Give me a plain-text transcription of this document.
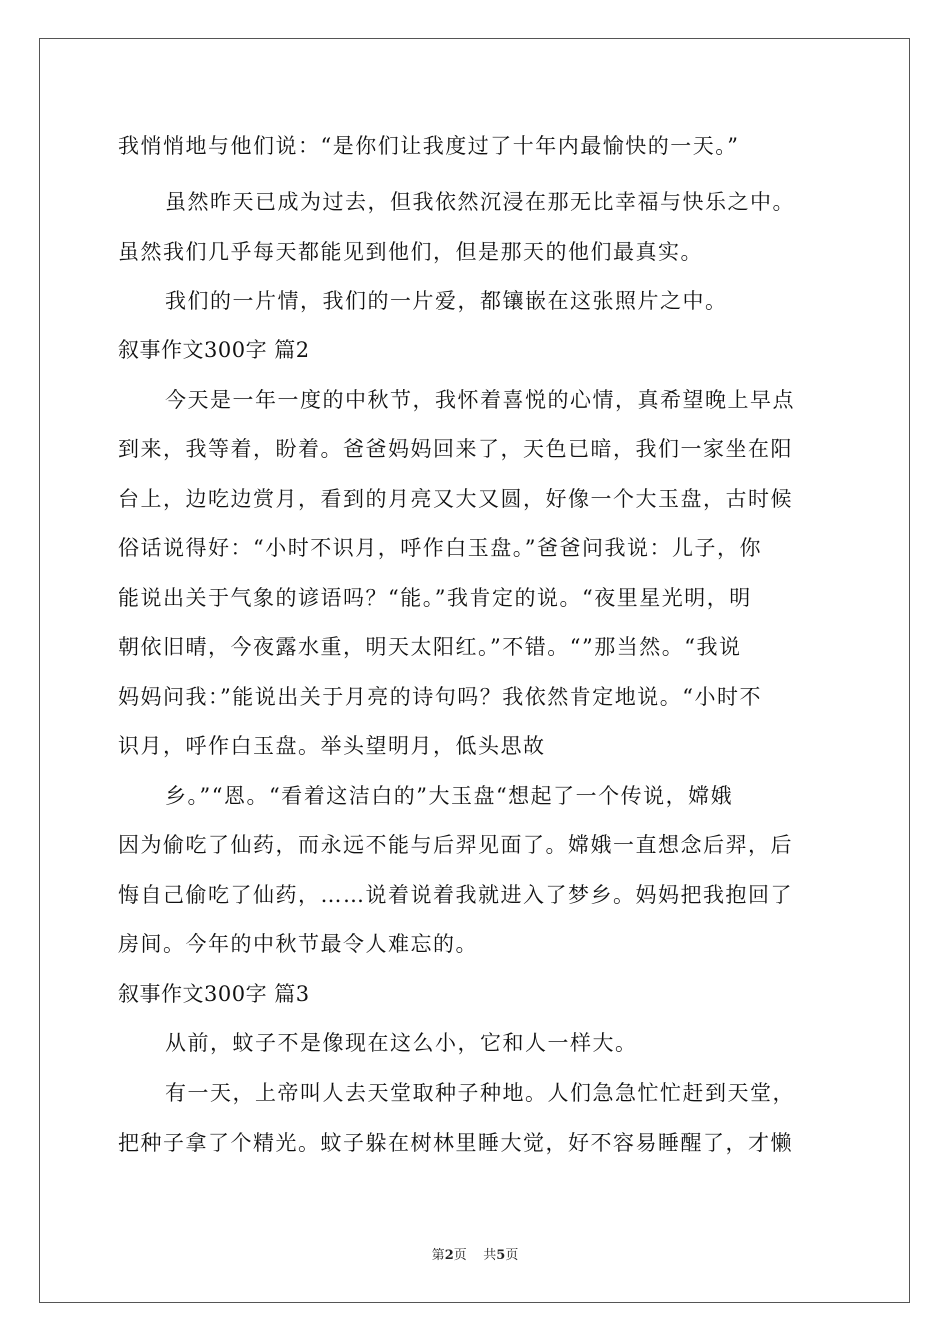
我悄悄地与他们说：“是你们让我度过了十年内最愉快的一天。”
虽然昨天已成为过去，但我依然沉浸在那无比幸福与快乐之中。
虽然我们几乎每天都能见到他们，但是那天的他们最真实。
我们的一片情，我们的一片爱，都镶嵌在这张照片之中。
叙事作文300字 篇2
今天是一年一度的中秋节，我怀着喜悦的心情，真希望晚上早点
到来，我等着，盼着。爸爸妈妈回来了，天色已暗，我们一家坐在阳
台上，边吃边赏月，看到的月亮又大又圆，好像一个大玉盘，古时候
俗话说得好：“小时不识月，呼作白玉盘。”爸爸问我说：儿子，你
能说出关于气象的谚语吗？“能。”我肯定的说。“夜里星光明，明
朝依旧晴，今夜露水重，明天太阳红。”不错。“”那当然。“我说
妈妈问我：”能说出关于月亮的诗句吗？我依然肯定地说。“小时不
识月，呼作白玉盘。举头望明月，低头思故
乡。”“恩。“看着这洁白的”大玉盘“想起了一个传说，嫦娥
因为偷吃了仙药，而永远不能与后羿见面了。嫦娥一直想念后羿，后
悔自己偷吃了仙药，……说着说着我就进入了梦乡。妈妈把我抱回了
房间。今年的中秋节最令人难忘的。
叙事作文300字 篇3
从前，蚊子不是像现在这么小，它和人一样大。
有一天，上帝叫人去天堂取种子种地。人们急急忙忙赶到天堂，
把种子拿了个精光。蚊子躲在树林里睡大觉，好不容易睡醒了，才懒
第2页    共5页
